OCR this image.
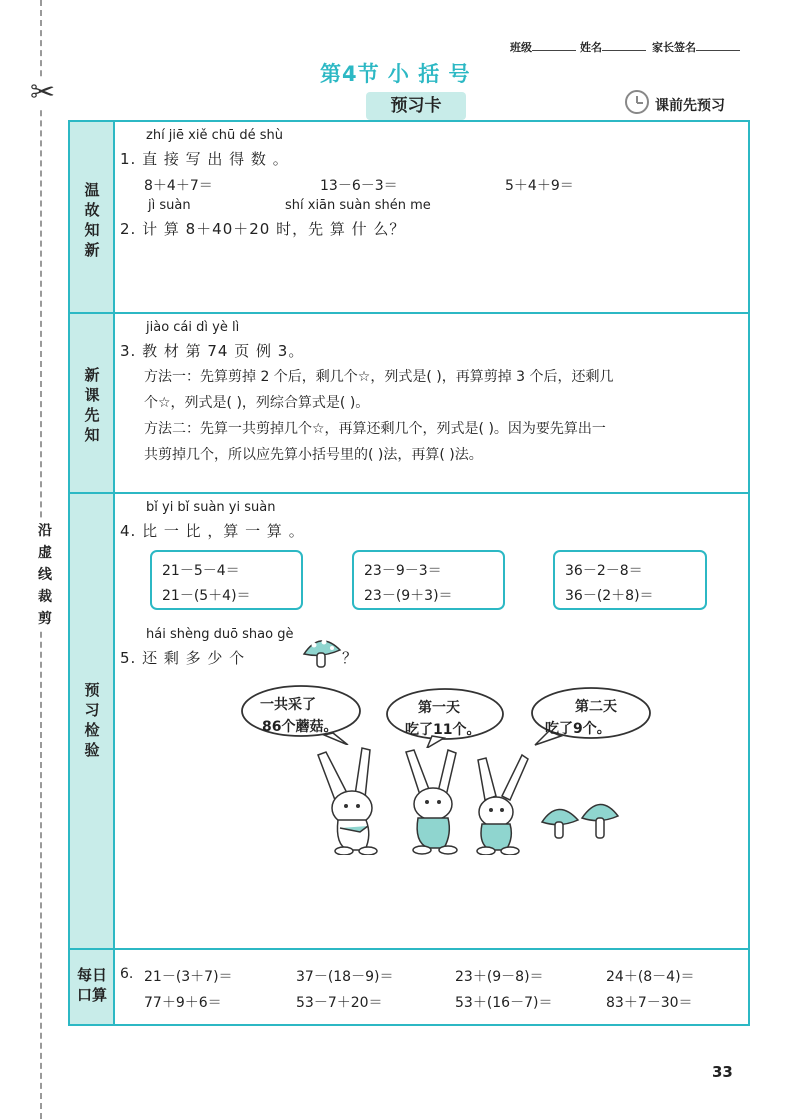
✂
沿
虚
线
裁
剪
班级	姓名	家长签名
第4节 小 括 号
预习卡	课前先预习
温
故
知
新
新
课
先
知
预
习
检
验
每日
口算
zhí jiē xiě chū dé shù
1. 直 接 写 出 得 数 。
8＋4＋7＝	13－6－3＝	5＋4＋9＝
jì suàn	shí xiān suàn shén me
2. 计 算 8＋40＋20 时，先 算 什 么？
jiào cái dì yè lì
3. 教 材 第 74 页 例 3。
方法一：先算剪掉 2 个后，剩几个☆，列式是( )，再算剪掉 3 个后，还剩几
个☆，列式是( )，列综合算式是( )。
方法二：先算一共剪掉几个☆，再算还剩几个，列式是( )。因为要先算出一
共剪掉几个，所以应先算小括号里的( )法，再算( )法。
bǐ yi bǐ suàn yi suàn
4. 比 一 比 ，算 一 算 。
21－5－4＝
21－(5＋4)＝
23－9－3＝
23－(9＋3)＝
36－2－8＝
36－(2＋8)＝
hái shèng duō shao gè
5. 还 剩 多 少 个	？
一共采了
86个蘑菇。
第一天
吃了11个。
第二天
吃了9个。
6. 21－(3＋7)＝	37－(18－9)＝	23＋(9－8)＝	24＋(8－4)＝
77＋9＋6＝	53－7＋20＝	53＋(16－7)＝	83＋7－30＝
33
